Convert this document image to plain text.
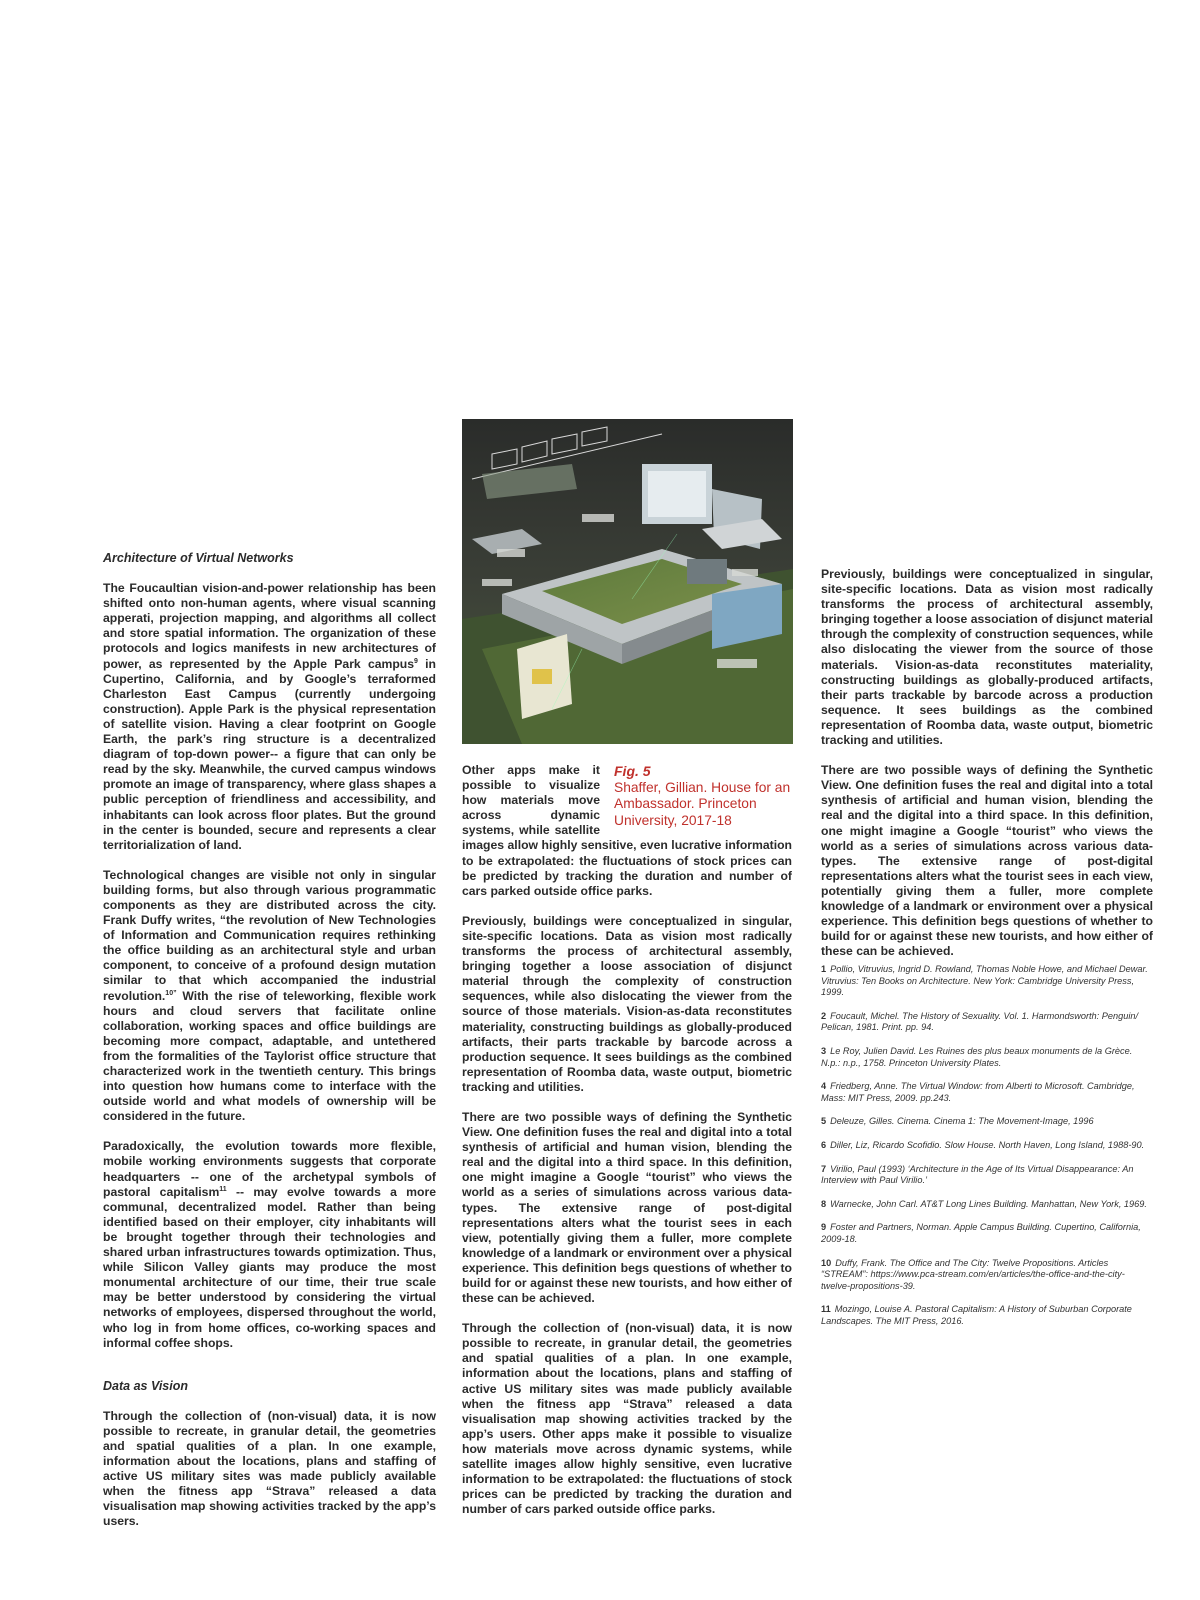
Architecture of Virtual Networks

The Foucaultian vision-and-power relationship has been shifted onto non-human agents, where visual scanning apperati, projection mapping, and algorithms all collect and store spatial information. The organization of these protocols and logics manifests in new architectures of power, as represented by the Apple Park campus$^9$ in Cupertino, California, and by Google’s terraformed Charleston East Campus (currently undergoing construction). Apple Park is the physical representation of satellite vision. Having a clear footprint on Google Earth, the park’s ring structure is a decentralized diagram of top-down power-- a figure that can only be read by the sky. Meanwhile, the curved campus windows promote an image of transparency, where glass shapes a public perception of friendliness and accessibility, and inhabitants can look across floor plates. But the ground in the center is bounded, secure and represents a clear territorialization of land.

Technological changes are visible not only in singular building forms, but also through various programmatic components as they are distributed across the city. Frank Duffy writes, “the revolution of New Technologies of Information and Communication requires rethinking the office building as an architectural style and urban component, to conceive of a profound design mutation similar to that which accompanied the industrial revolution.$^{10”}$ With the rise of teleworking, flexible work hours and cloud servers that facilitate online collaboration, working spaces and office buildings are becoming more compact, adaptable, and untethered from the formalities of the Taylorist office structure that characterized work in the twentieth century. This brings into question how humans come to interface with the outside world and what models of ownership will be considered in the future.

Paradoxically, the evolution towards more flexible, mobile working environments suggests that corporate headquarters -- one of the archetypal symbols of pastoral capitalism$^{11}$ -- may evolve towards a more communal, decentralized model. Rather than being identified based on their employer, city inhabitants will be brought together through their technologies and shared urban infrastructures towards optimization. Thus, while Silicon Valley giants may produce the most monumental architecture of our time, their true scale may be better understood by considering the virtual networks of employees, dispersed throughout the world, who log in from home offices, co-working spaces and informal coffee shops.

Data as Vision

Through the collection of (non-visual) data, it is now possible to recreate, in granular detail, the geometries and spatial qualities of a plan. In one example, information about the locations, plans and staffing of active US military sites was made publicly available when the fitness app “Strava” released a data visualisation map showing activities tracked by the app’s users.

Fig. 5
Shaffer, Gillian. House for an Ambassador. Princeton University, 2017-18
Other apps make it possible to visualize how materials move across dynamic systems, while satellite images allow highly sensitive, even lucrative information to be extrapolated: the fluctuations of stock prices can be predicted by tracking the duration and number of cars parked outside office parks.

Previously, buildings were conceptualized in singular, site-specific locations. Data as vision most radically transforms the process of architectural assembly, bringing together a loose association of disjunct material through the complexity of construction sequences, while also dislocating the viewer from the source of those materials. Vision-as-data reconstitutes materiality, constructing buildings as globally-produced artifacts, their parts trackable by barcode across a production sequence. It sees buildings as the combined representation of Roomba data, waste output, biometric tracking and utilities.

There are two possible ways of defining the Synthetic View. One definition fuses the real and digital into a total synthesis of artificial and human vision, blending the real and the digital into a third space. In this definition, one might imagine a Google “tourist” who views the world as a series of simulations across various data-types. The extensive range of post-digital representations alters what the tourist sees in each view, potentially giving them a fuller, more complete knowledge of a landmark or environment over a physical experience. This definition begs questions of whether to build for or against these new tourists, and how either of these can be achieved.

Through the collection of (non-visual) data, it is now possible to recreate, in granular detail, the geometries and spatial qualities of a plan. In one example, information about the locations, plans and staffing of active US military sites was made publicly available when the fitness app “Strava” released a data visualisation map showing activities tracked by the app’s users. Other apps make it possible to visualize how materials move across dynamic systems, while satellite images allow highly sensitive, even lucrative information to be extrapolated: the fluctuations of stock prices can be predicted by tracking the duration and number of cars parked outside office parks.

Previously, buildings were conceptualized in singular, site-specific locations. Data as vision most radically transforms the process of architectural assembly, bringing together a loose association of disjunct material through the complexity of construction sequences, while also dislocating the viewer from the source of those materials. Vision-as-data reconstitutes materiality, constructing buildings as globally-produced artifacts, their parts trackable by barcode across a production sequence. It sees buildings as the combined representation of Roomba data, waste output, biometric tracking and utilities.

There are two possible ways of defining the Synthetic View. One definition fuses the real and digital into a total synthesis of artificial and human vision, blending the real and the digital into a third space. In this definition, one might imagine a Google “tourist” who views the world as a series of simulations across various data-types. The extensive range of post-digital representations alters what the tourist sees in each view, potentially giving them a fuller, more complete knowledge of a landmark or environment over a physical experience. This definition begs questions of whether to build for or against these new tourists, and how either of these can be achieved.

1 Pollio, Vitruvius, Ingrid D. Rowland, Thomas Noble Howe, and Michael Dewar. Vitruvius: Ten Books on Architecture. New York: Cambridge University Press, 1999.
2 Foucault, Michel. The History of Sexuality. Vol. 1. Harmondsworth: Penguin/ Pelican, 1981. Print. pp. 94.
3 Le Roy, Julien David. Les Ruines des plus beaux monuments de la Grèce. N.p.: n.p., 1758. Princeton University Plates.
4 Friedberg, Anne. The Virtual Window: from Alberti to Microsoft. Cambridge, Mass: MIT Press, 2009. pp.243.
5 Deleuze, Gilles. Cinema. Cinema 1: The Movement-Image, 1996
6 Diller, Liz, Ricardo Scofidio. Slow House. North Haven, Long Island, 1988-90.
7 Virilio, Paul (1993) ‘Architecture in the Age of Its Virtual Disappearance: An Interview with Paul Virilio.’
8 Warnecke, John Carl. AT&T Long Lines Building. Manhattan, New York, 1969.
9 Foster and Partners, Norman. Apple Campus Building. Cupertino, California, 2009-18.
10 Duffy, Frank. The Office and The City: Twelve Propositions. Articles “STREAM”: https://www.pca-stream.com/en/articles/the-office-and-the-city-twelve-propositions-39.
11 Mozingo, Louise A. Pastoral Capitalism: A History of Suburban Corporate Landscapes. The MIT Press, 2016.
